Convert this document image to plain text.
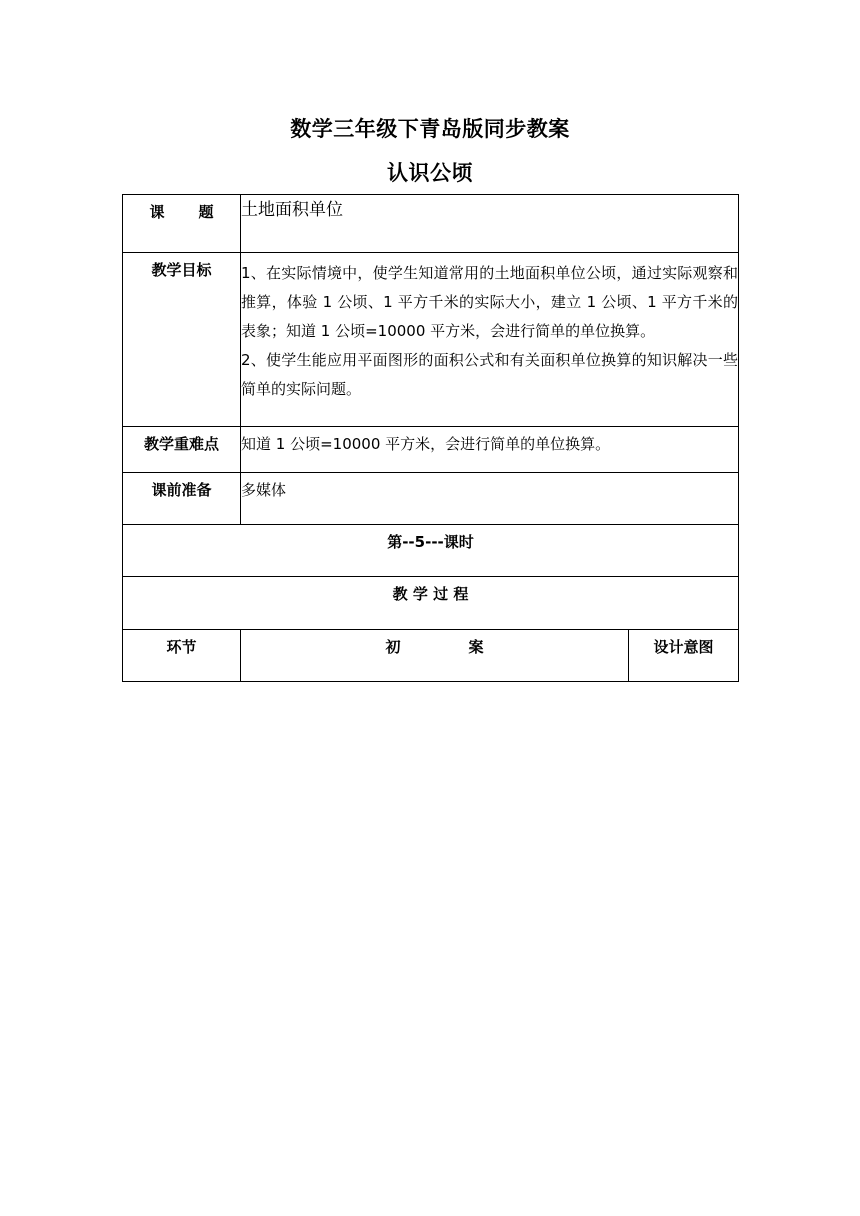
数学三年级下青岛版同步教案
认识公顷
课 题	土地面积单位	
教学目标	1、在实际情境中，使学生知道常用的土地面积单位公顷，通过实际观察和推算，体验 1 公顷、1 平方千米的实际大小，建立 1 公顷、1 平方千米的表象；知道 1 公顷=10000 平方米，会进行简单的单位换算。
2、使学生能应用平面图形的面积公式和有关面积单位换算的知识解决一些简单的实际问题。	

教学重难点	知道 1 公顷=10000 平方米，会进行简单的单位换算。	
课前准备	多媒体	
第--5---课时		
教 学 过 程		
环节	初 案	设计意图
